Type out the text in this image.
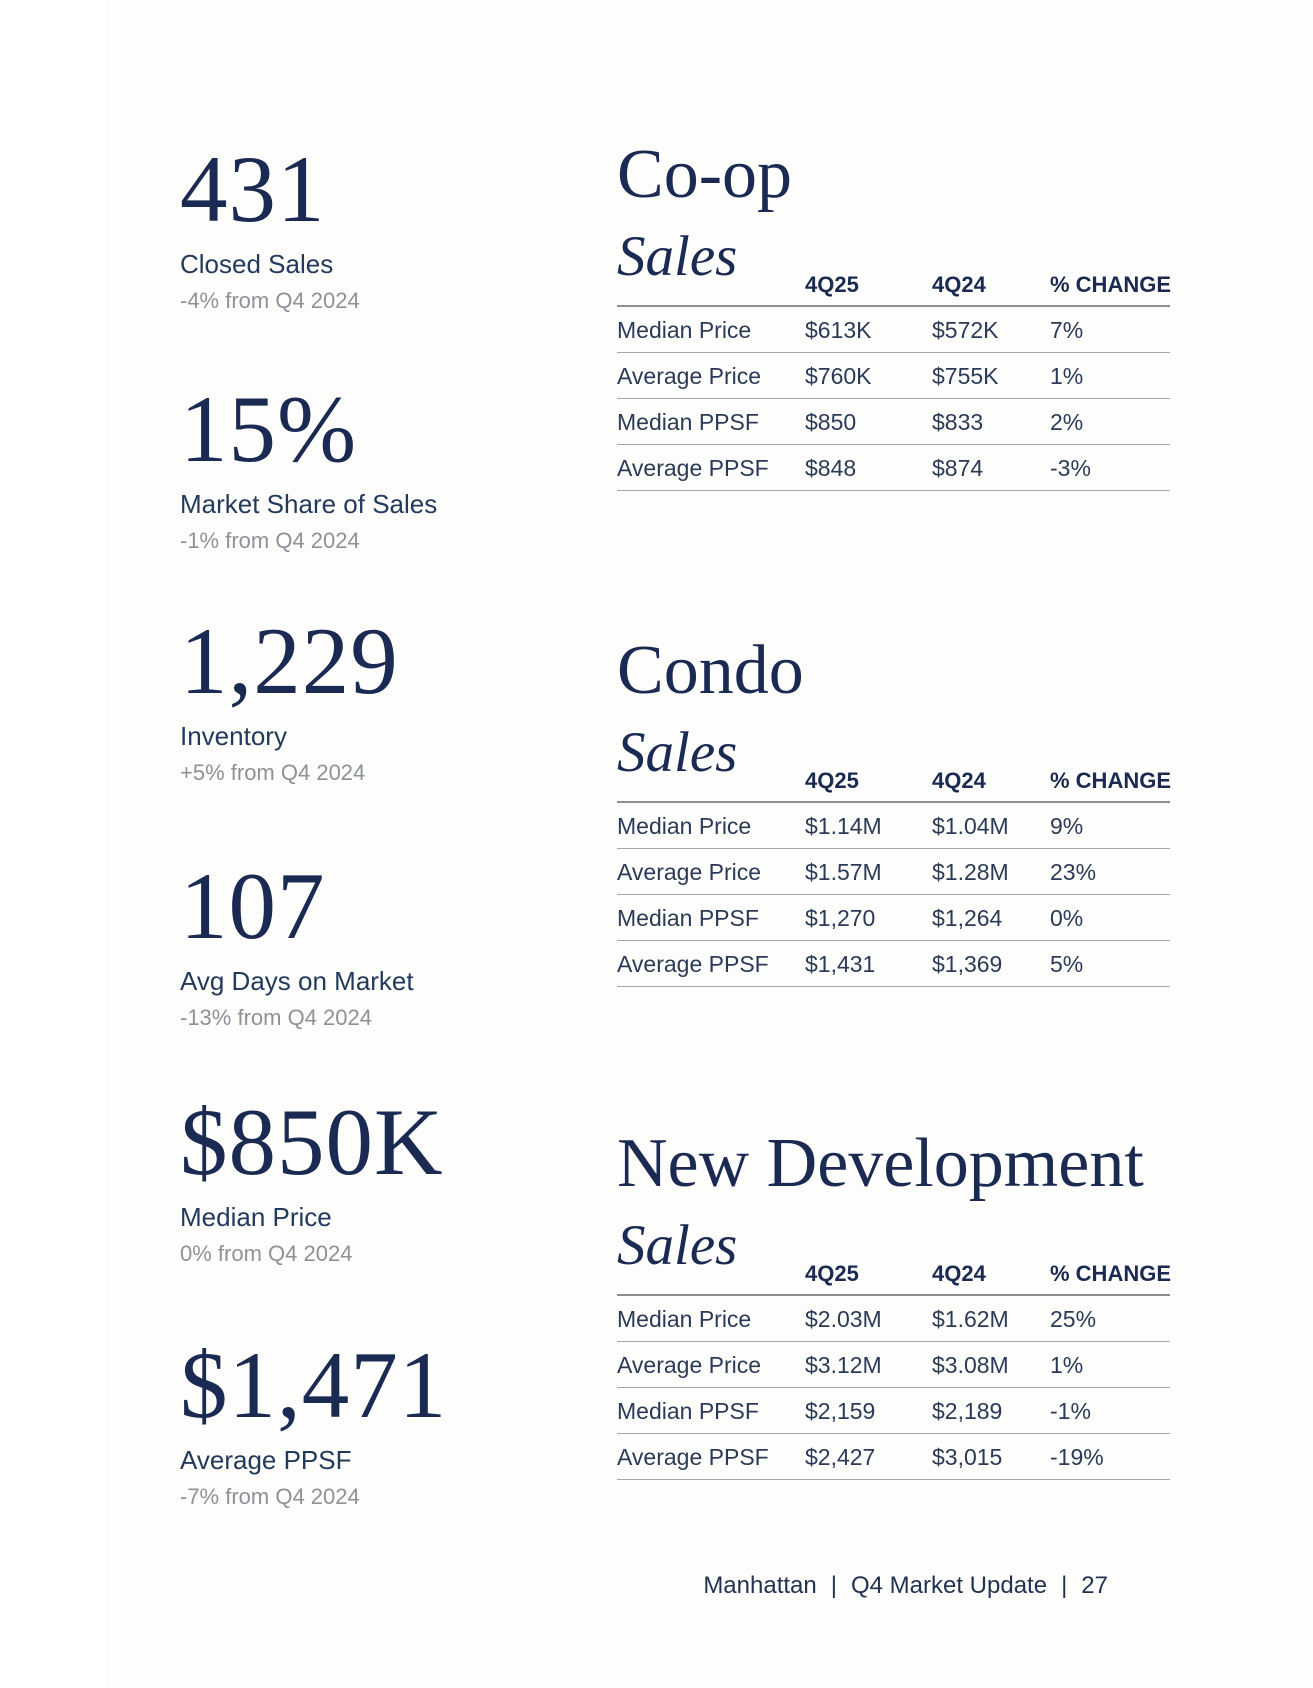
431
Closed Sales
-4% from Q4 2024
15%
Market Share of Sales
-1% from Q4 2024
1,229
Inventory
+5% from Q4 2024
107
Avg Days on Market
-13% from Q4 2024
$850K
Median Price
0% from Q4 2024
$1,471
Average PPSF
-7% from Q4 2024
Co-op
Sales	4Q25	4Q24	% CHANGE
Median Price $613K	$572K 7%
Average Price $760K	$755K 1%
Median PPSF $850	$833	2%
Average PPSF $848	$874	-3%
Condo
Sales	4Q25	4Q24	% CHANGE
Median Price $1.14M $1.04M 9%
Average Price $1.57M $1.28M 23%
Median PPSF $1,270 $1,264 0%
Average PPSF $1,431 $1,369 5%
New Development
Sales	4Q25	4Q24	% CHANGE
Median Price $2.03M $1.62M 25%
Average Price $3.12M $3.08M 1%
Median PPSF $2,159 $2,189 -1%
Average PPSF $2,427 $3,015 -19%
Manhattan | Q4 Market Update | 27
